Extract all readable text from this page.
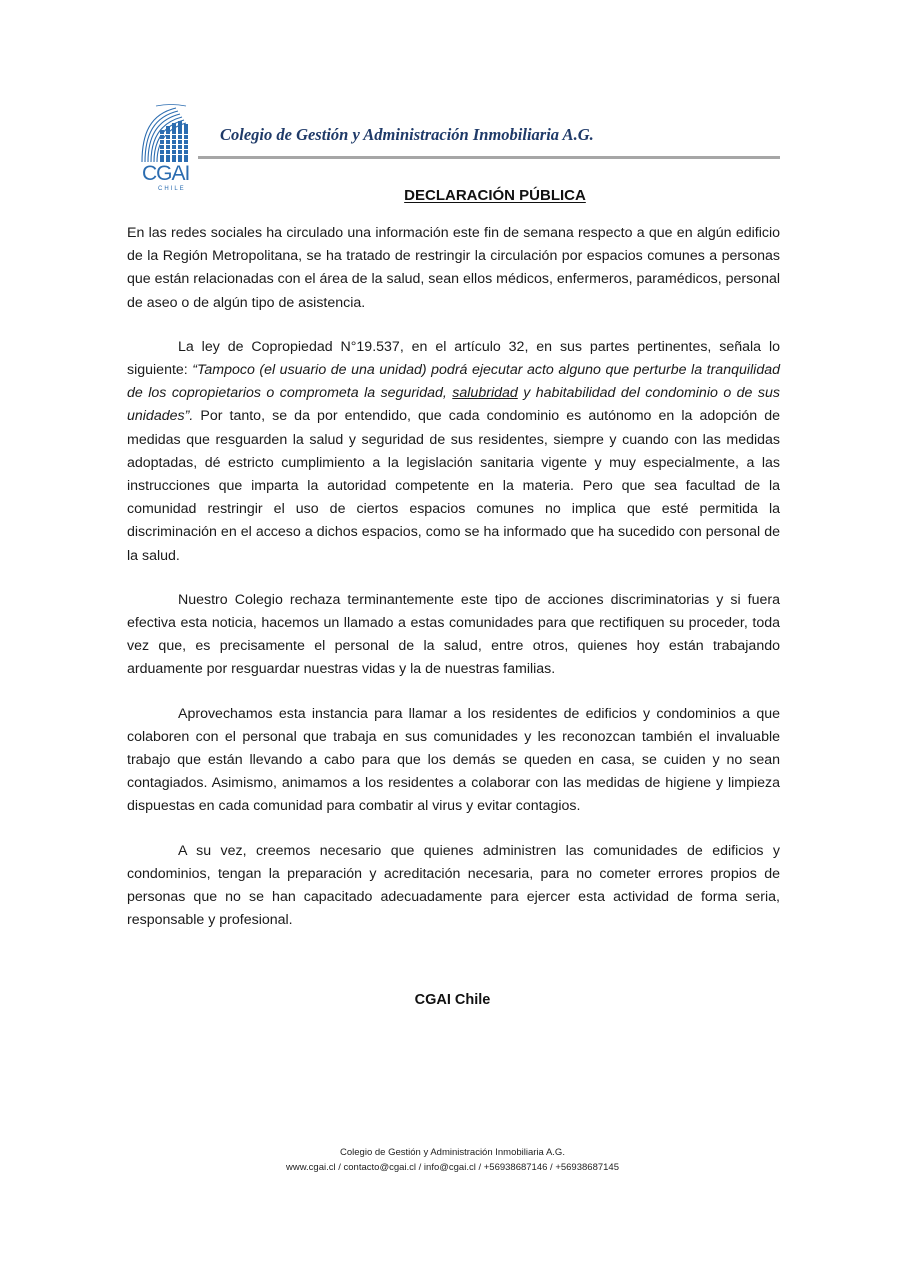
CGAI
CHILE
Colegio de Gestión y Administración Inmobiliaria A.G.
DECLARACIÓN PÚBLICA

En las redes sociales ha circulado una información este fin de semana respecto a que en algún edificio de la Región Metropolitana, se ha tratado de restringir la circulación por espacios comunes a personas que están relacionadas con el área de la salud, sean ellos médicos, enfermeros, paramédicos, personal de aseo o de algún tipo de asistencia.

La ley de Copropiedad N°19.537, en el artículo 32, en sus partes pertinentes, señala lo siguiente: “Tampoco (el usuario de una unidad) podrá ejecutar acto alguno que perturbe la tranquilidad de los copropietarios o comprometa la seguridad, salubridad y habitabilidad del condominio o de sus unidades”. Por tanto, se da por entendido, que cada condominio es autónomo en la adopción de medidas que resguarden la salud y seguridad de sus residentes, siempre y cuando con las medidas adoptadas, dé estricto cumplimiento a la legislación sanitaria vigente y muy especialmente, a las instrucciones que imparta la autoridad competente en la materia. Pero que sea facultad de la comunidad restringir el uso de ciertos espacios comunes no implica que esté permitida la discriminación en el acceso a dichos espacios, como se ha informado que ha sucedido con personal de la salud.

Nuestro Colegio rechaza terminantemente este tipo de acciones discriminatorias y si fuera efectiva esta noticia, hacemos un llamado a estas comunidades para que rectifiquen su proceder, toda vez que, es precisamente el personal de la salud, entre otros, quienes hoy están trabajando arduamente por resguardar nuestras vidas y la de nuestras familias.

Aprovechamos esta instancia para llamar a los residentes de edificios y condominios a que colaboren con el personal que trabaja en sus comunidades y les reconozcan también el invaluable trabajo que están llevando a cabo para que los demás se queden en casa, se cuiden y no sean contagiados. Asimismo, animamos a los residentes a colaborar con las medidas de higiene y limpieza dispuestas en cada comunidad para combatir al virus y evitar contagios.

A su vez, creemos necesario que quienes administren las comunidades de edificios y condominios, tengan la preparación y acreditación necesaria, para no cometer errores propios de personas que no se han capacitado adecuadamente para ejercer esta actividad de forma seria, responsable y profesional.

CGAI Chile
Colegio de Gestión y Administración Inmobiliaria A.G.
www.cgai.cl / contacto@cgai.cl / info@cgai.cl / +56938687146 / +56938687145
